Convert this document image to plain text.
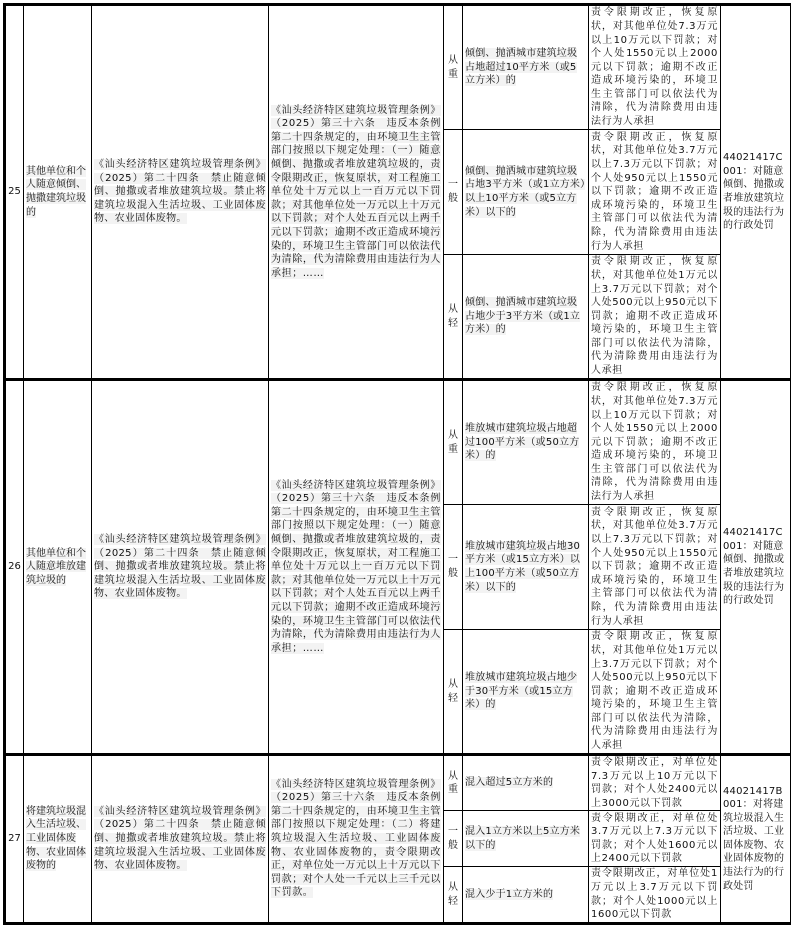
25	其他单位和个人随意倾倒、抛撒建筑垃圾的	《汕头经济特区建筑垃圾管理条例》（2025）第二十四条　禁止随意倾倒、抛撒或者堆放建筑垃圾。禁止将建筑垃圾混入生活垃圾、工业固体废物、农业固体废物。	《汕头经济特区建筑垃圾管理条例》（2025）第三十六条　违反本条例第二十四条规定的，由环境卫生主管部门按照以下规定处理：（一）随意倾倒、抛撒或者堆放建筑垃圾的，责令限期改正，恢复原状，对工程施工单位处十万元以上一百万元以下罚款；对其他单位处一万元以上十万元以下罚款；对个人处五百元以上两千元以下罚款；逾期不改正造成环境污染的，环境卫生主管部门可以依法代为清除，代为清除费用由违法行为人承担；……	从重	倾倒、抛洒城市建筑垃圾占地超过10平方米（或5立方米）的	责令限期改正，恢复原状，对其他单位处7.3万元以上10万元以下罚款；对个人处1550元以上2000元以下罚款；逾期不改正造成环境污染的，环境卫生主管部门可以依法代为清除，代为清除费用由违法行为人承担	44021417C001：对随意倾倒、抛撒或者堆放建筑垃圾的违法行为的行政处罚

				一般	倾倒、抛洒城市建筑垃圾占地3平方米（或1立方米）以上10平方米（或5立方米）以下的	责令限期改正，恢复原状，对其他单位处3.7万元以上7.3万元以下罚款；对个人处950元以上1550元以下罚款；逾期不改正造成环境污染的，环境卫生主管部门可以依法代为清除，代为清除费用由违法行为人承担	

				从轻	倾倒、抛洒城市建筑垃圾占地少于3平方米（或1立方米）的	责令限期改正，恢复原状，对其他单位处1万元以上3.7万元以下罚款；对个人处500元以上950元以下罚款；逾期不改正造成环境污染的，环境卫生主管部门可以依法代为清除，代为清除费用由违法行为人承担	
26	其他单位和个人随意堆放建筑垃圾的	《汕头经济特区建筑垃圾管理条例》（2025）第二十四条　禁止随意倾倒、抛撒或者堆放建筑垃圾。禁止将建筑垃圾混入生活垃圾、工业固体废物、农业固体废物。	《汕头经济特区建筑垃圾管理条例》（2025）第三十六条　违反本条例第二十四条规定的，由环境卫生主管部门按照以下规定处理：（一）随意倾倒、抛撒或者堆放建筑垃圾的，责令限期改正，恢复原状，对工程施工单位处十万元以上一百万元以下罚款；对其他单位处一万元以上十万元以下罚款；对个人处五百元以上两千元以下罚款；逾期不改正造成环境污染的，环境卫生主管部门可以依法代为清除，代为清除费用由违法行为人承担；……	从重	堆放城市建筑垃圾占地超过100平方米（或50立方米）的	责令限期改正，恢复原状，对其他单位处7.3万元以上10万元以下罚款；对个人处1550元以上2000元以下罚款；逾期不改正造成环境污染的，环境卫生主管部门可以依法代为清除，代为清除费用由违法行为人承担	44021417C001：对随意倾倒、抛撒或者堆放建筑垃圾的违法行为的行政处罚

				一般	堆放城市建筑垃圾占地30平方米（或15立方米）以上100平方米（或50立方米）以下的	责令限期改正，恢复原状，对其他单位处3.7万元以上7.3万元以下罚款；对个人处950元以上1550元以下罚款；逾期不改正造成环境污染的，环境卫生主管部门可以依法代为清除，代为清除费用由违法行为人承担	

				从轻	堆放城市建筑垃圾占地少于30平方米（或15立方米）的	责令限期改正，恢复原状，对其他单位处1万元以上3.7万元以下罚款；对个人处500元以上950元以下罚款；逾期不改正造成环境污染的，环境卫生主管部门可以依法代为清除，代为清除费用由违法行为人承担	
27	将建筑垃圾混入生活垃圾、工业固体废物、农业固体废物的	《汕头经济特区建筑垃圾管理条例》（2025）第二十四条　禁止随意倾倒、抛撒或者堆放建筑垃圾。禁止将建筑垃圾混入生活垃圾、工业固体废物、农业固体废物。	《汕头经济特区建筑垃圾管理条例》（2025）第三十六条　违反本条例第二十四条规定的，由环境卫生主管部门按照以下规定处理：（二）将建筑垃圾混入生活垃圾、工业固体废物、农业固体废物的，责令限期改正，对单位处一万元以上十万元以下罚款；对个人处一千元以上三千元以下罚款。	从重	混入超过5立方米的	责令限期改正，对单位处7.3万元以上10万元以下罚款；对个人处2400元以上3000元以下罚款	44021417B001：对将建筑垃圾混入生活垃圾、工业固体废物、农业固体废物的违法行为的行政处罚

				一般	混入1立方米以上5立方米以下的	责令限期改正，对单位处3.7万元以上7.3万元以下罚款；对个人处1600元以上2400元以下罚款	

				从轻	混入少于1立方米的	责令限期改正，对单位处1万元以上3.7万元以下罚款；对个人处1000元以上1600元以下罚款	
